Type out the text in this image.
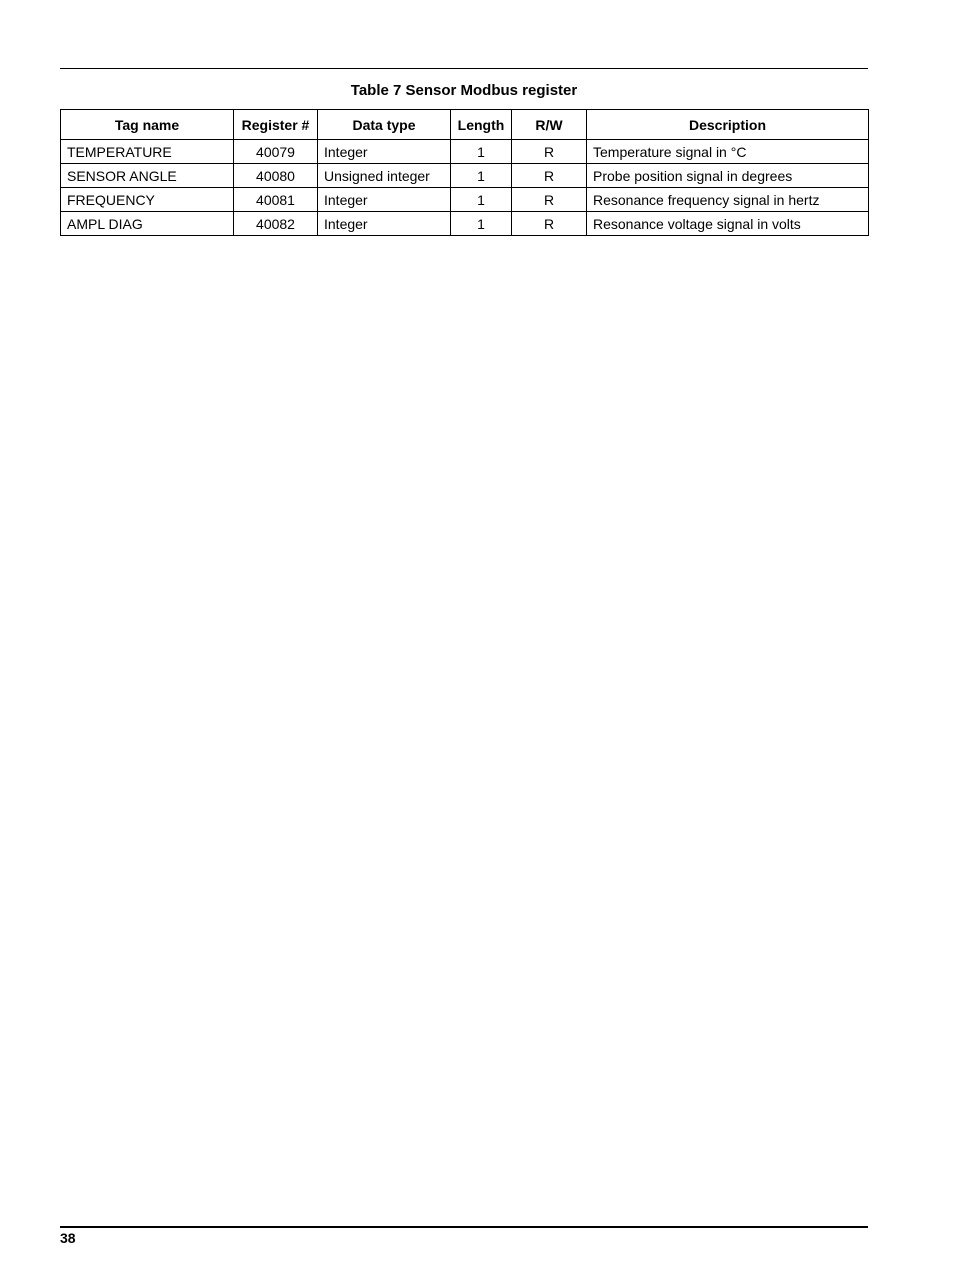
Table 7 Sensor Modbus register
Tag name	Register #	Data type	Length	R/W	Description
TEMPERATURE	40079	Integer	1	R	Temperature signal in °C
SENSOR ANGLE	40080	Unsigned integer	1	R	Probe position signal in degrees
FREQUENCY	40081	Integer	1	R	Resonance frequency signal in hertz
AMPL DIAG	40082	Integer	1	R	Resonance voltage signal in volts
38
